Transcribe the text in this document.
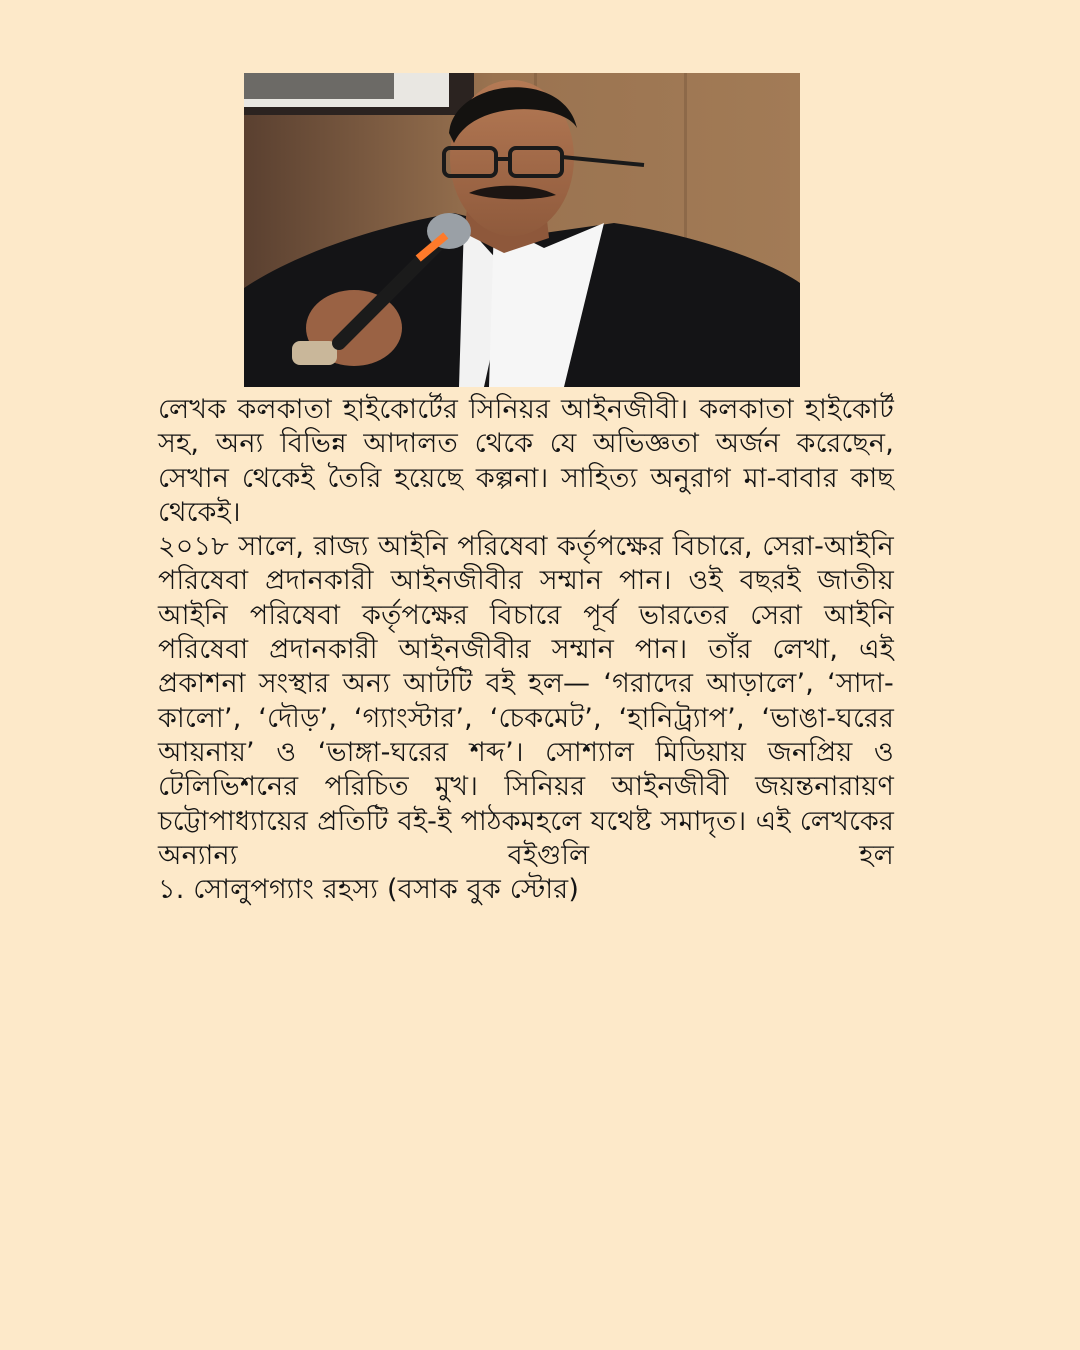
লেখক কলকাতা হাইকোর্টের সিনিয়র আইনজীবী। কলকাতা হাইকোর্ট সহ, অন্য বিভিন্ন আদালত থেকে যে অভিজ্ঞতা অর্জন করেছেন, সেখান থেকেই তৈরি হয়েছে কল্পনা। সাহিত্য অনুরাগ মা-বাবার কাছ থেকেই।

২০১৮ সালে, রাজ্য আইনি পরিষেবা কর্তৃপক্ষের বিচারে, সেরা-আইনি পরিষেবা প্রদানকারী আইনজীবীর সম্মান পান। ওই বছরই জাতীয় আইনি পরিষেবা কর্তৃপক্ষের বিচারে পূর্ব ভারতের সেরা আইনি পরিষেবা প্রদানকারী আইনজীবীর সম্মান পান। তাঁর লেখা, এই প্রকাশনা সংস্থার অন্য আটটি বই হল— ‘গরাদের আড়ালে’, ‘সাদা-কালো’, ‘দৌড়’, ‘গ্যাংস্টার’, ‘চেকমেট’, ‘হানিট্র্যাপ’, ‘ভাঙা-ঘরের আয়নায়’ ও ‘ভাঙ্গা-ঘরের শব্দ’। সোশ্যাল মিডিয়ায় জনপ্রিয় ও টেলিভিশনের পরিচিত মুখ। সিনিয়র আইনজীবী জয়ন্তনারায়ণ চট্টোপাধ্যায়ের প্রতিটি বই-ই পাঠকমহলে যথেষ্ট সমাদৃত। এই লেখকের অন্যান্য বইগুলি হল

১. সোলুপগ্যাং রহস্য (বসাক বুক স্টোর)
